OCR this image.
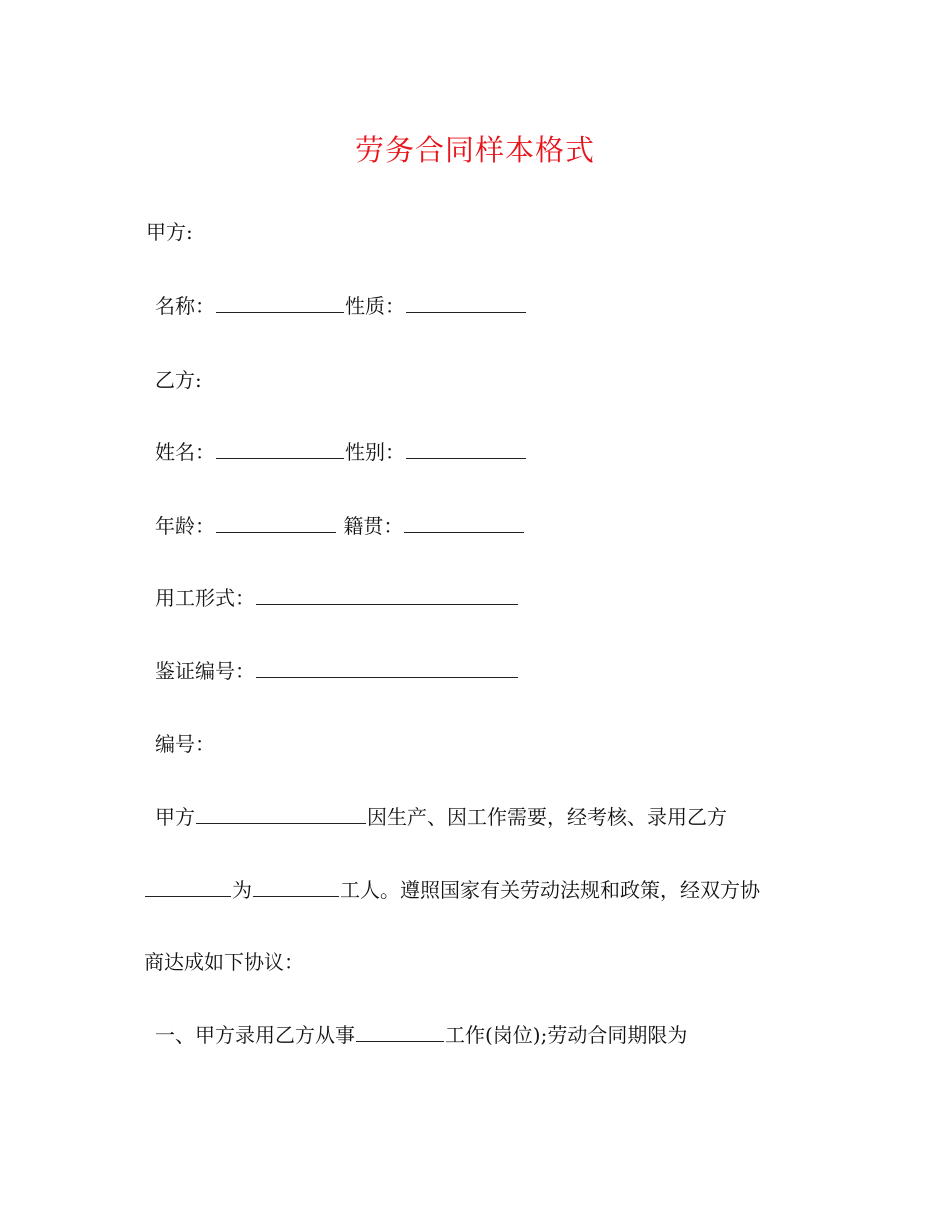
劳务合同样本格式
甲方:
名称：	性质：
乙方:
姓名：	性别：
年龄：	籍贯：
用工形式：
鉴证编号：
编号：
甲方	因生产、因工作需要，经考核、录用乙方
为	工人。遵照国家有关劳动法规和政策，经双方协
商达成如下协议：
一、甲方录用乙方从事	工作(岗位);劳动合同期限为
